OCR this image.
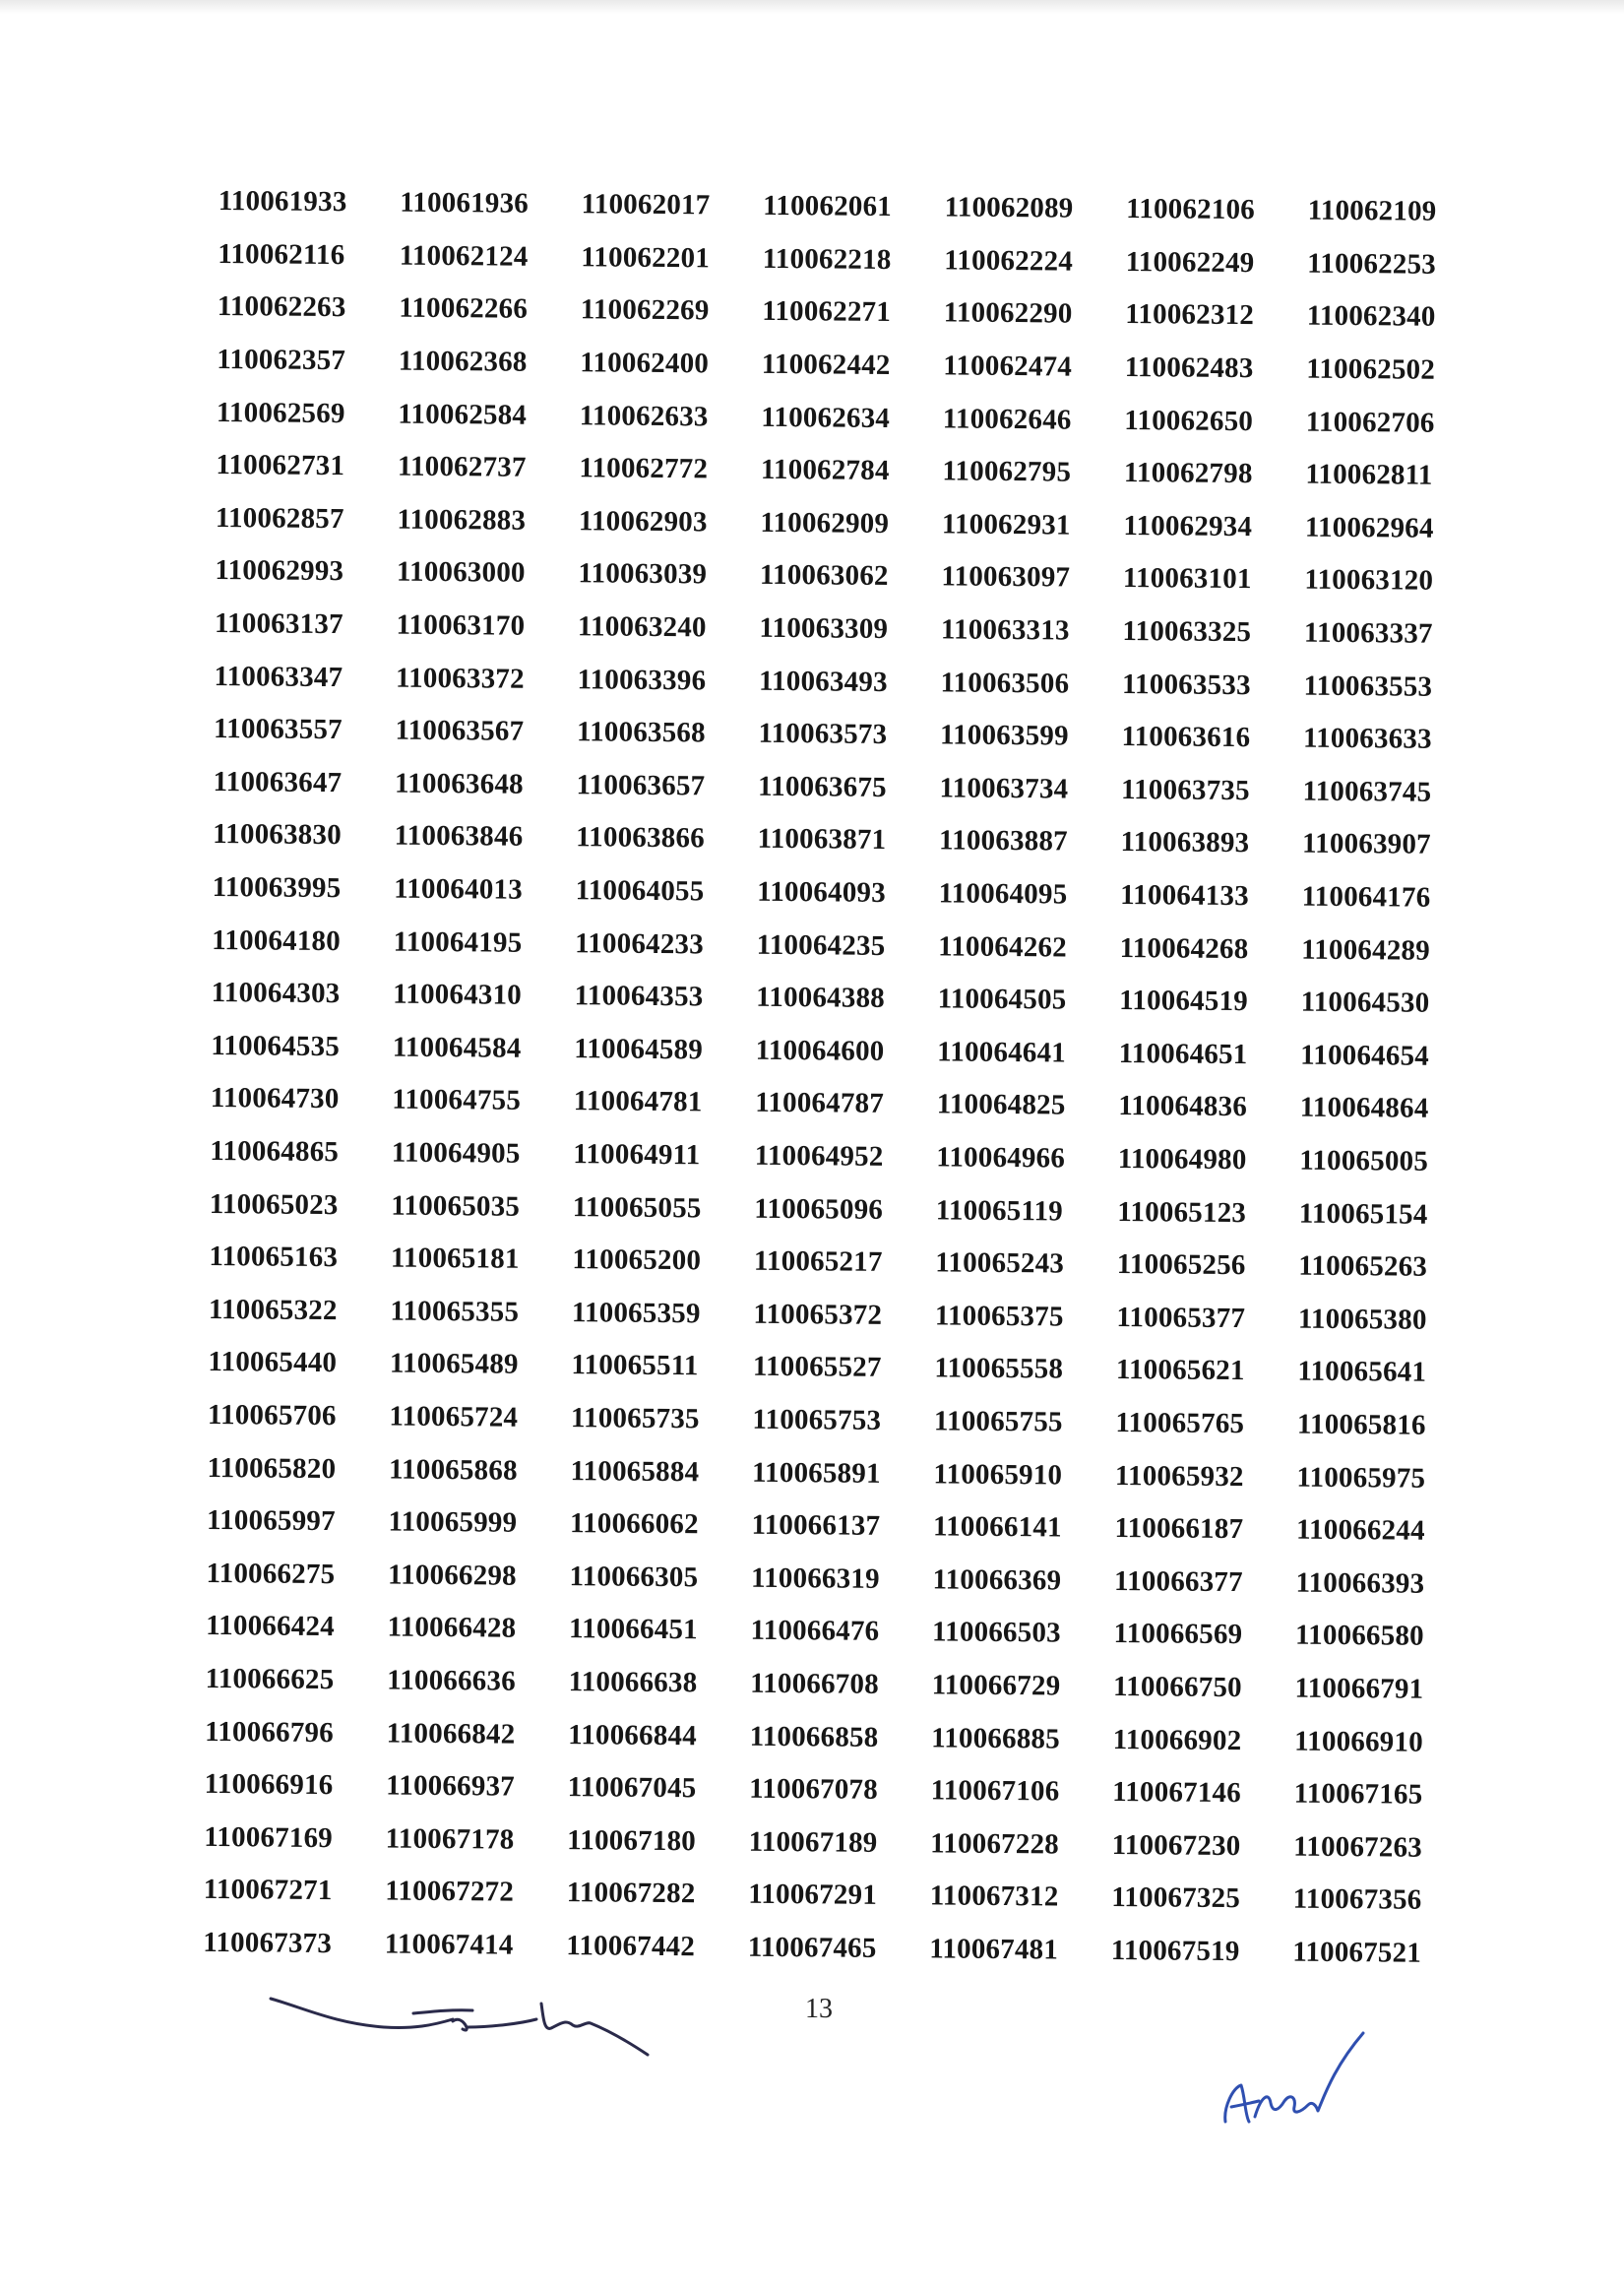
110061933	110061936	110062017	110062061	110062089	110062106	110062109
110062116	110062124	110062201	110062218	110062224	110062249	110062253
110062263	110062266	110062269	110062271	110062290	110062312	110062340
110062357	110062368	110062400	110062442	110062474	110062483	110062502
110062569	110062584	110062633	110062634	110062646	110062650	110062706
110062731	110062737	110062772	110062784	110062795	110062798	110062811
110062857	110062883	110062903	110062909	110062931	110062934	110062964
110062993	110063000	110063039	110063062	110063097	110063101	110063120
110063137	110063170	110063240	110063309	110063313	110063325	110063337
110063347	110063372	110063396	110063493	110063506	110063533	110063553
110063557	110063567	110063568	110063573	110063599	110063616	110063633
110063647	110063648	110063657	110063675	110063734	110063735	110063745
110063830	110063846	110063866	110063871	110063887	110063893	110063907
110063995	110064013	110064055	110064093	110064095	110064133	110064176
110064180	110064195	110064233	110064235	110064262	110064268	110064289
110064303	110064310	110064353	110064388	110064505	110064519	110064530
110064535	110064584	110064589	110064600	110064641	110064651	110064654
110064730	110064755	110064781	110064787	110064825	110064836	110064864
110064865	110064905	110064911	110064952	110064966	110064980	110065005
110065023	110065035	110065055	110065096	110065119	110065123	110065154
110065163	110065181	110065200	110065217	110065243	110065256	110065263
110065322	110065355	110065359	110065372	110065375	110065377	110065380
110065440	110065489	110065511	110065527	110065558	110065621	110065641
110065706	110065724	110065735	110065753	110065755	110065765	110065816
110065820	110065868	110065884	110065891	110065910	110065932	110065975
110065997	110065999	110066062	110066137	110066141	110066187	110066244
110066275	110066298	110066305	110066319	110066369	110066377	110066393
110066424	110066428	110066451	110066476	110066503	110066569	110066580
110066625	110066636	110066638	110066708	110066729	110066750	110066791
110066796	110066842	110066844	110066858	110066885	110066902	110066910
110066916	110066937	110067045	110067078	110067106	110067146	110067165
110067169	110067178	110067180	110067189	110067228	110067230	110067263
110067271	110067272	110067282	110067291	110067312	110067325	110067356
110067373	110067414	110067442	110067465	110067481	110067519	110067521
13
